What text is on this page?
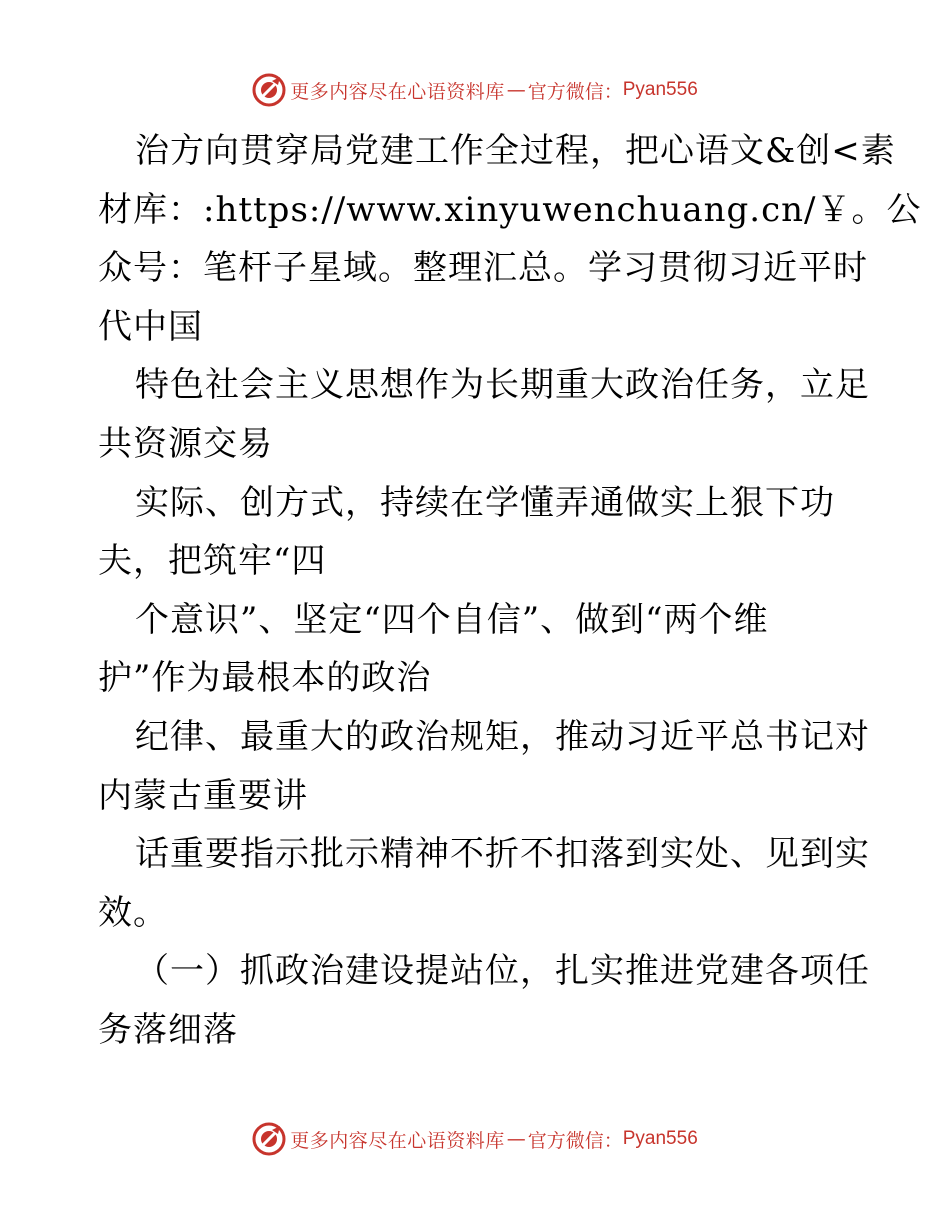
更多内容尽在心语资料库 — 官方微信： Pyan556
治方向贯穿局党建工作全过程，把心语文&创<素
材库：:https://www.xinyuwenchuang.cn/￥。公
众号：笔杆子星域。整理汇总。学习贯彻习近平时
代中国
特色社会主义思想作为长期重大政治任务，立足
共资源交易
实际、创方式，持续在学懂弄通做实上狠下功
夫，把筑牢“四
个意识”、坚定“四个自信”、做到“两个维
护”作为最根本的政治
纪律、最重大的政治规矩，推动习近平总书记对
内蒙古重要讲
话重要指示批示精神不折不扣落到实处、见到实
效。
（一）抓政治建设提站位，扎实推进党建各项任
务落细落
更多内容尽在心语资料库 — 官方微信： Pyan556
